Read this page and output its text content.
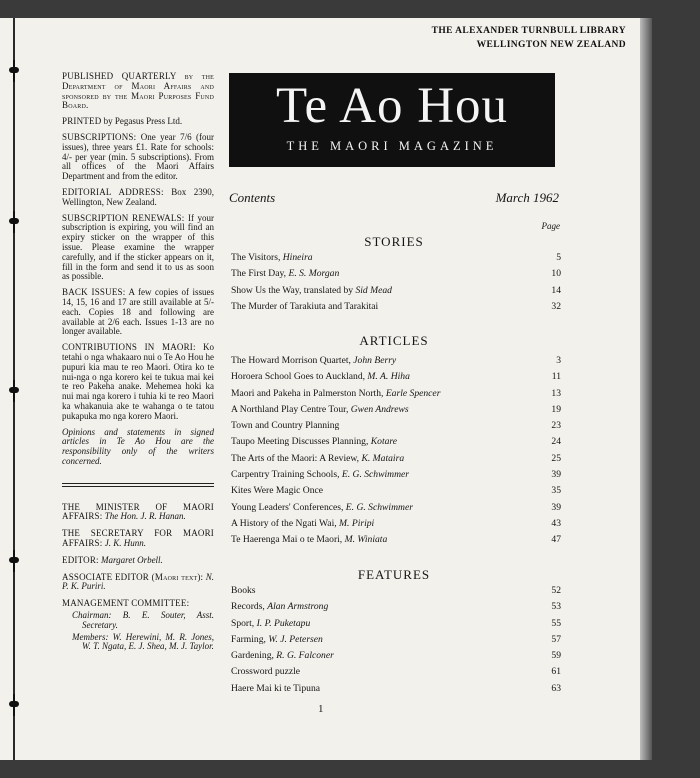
THE ALEXANDER TURNBULL LIBRARY
WELLINGTON NEW ZEALAND

PUBLISHED QUARTERLY by the Department of Maori Affairs and sponsored by the Maori Purposes Fund Board.

PRINTED by Pegasus Press Ltd.

SUBSCRIPTIONS: One year 7/6 (four issues), three years £1. Rate for schools: 4/- per year (min. 5 subscriptions). From all offices of the Maori Affairs Department and from the editor.

EDITORIAL ADDRESS: Box 2390, Wellington, New Zealand.

SUBSCRIPTION RENEWALS: If your subscription is expiring, you will find an expiry sticker on the wrapper of this issue. Please examine the wrapper carefully, and if the sticker appears on it, fill in the form and send it to us as soon as possible.

BACK ISSUES: A few copies of issues 14, 15, 16 and 17 are still available at 5/- each. Copies 18 and following are available at 2/6 each. Issues 1-13 are no longer available.

CONTRIBUTIONS IN MAORI: Ko tetahi o nga whakaaro nui o Te Ao Hou he pupuri kia mau te reo Maori. Otira ko te nui-nga o nga korero kei te tukua mai kei te reo Pakeha anake. Mehemea hoki ka nui mai nga korero i tuhia ki te reo Maori ka whakanuia ake te wahanga o te tatou pukapuka mo nga korero Maori.

Opinions and statements in signed articles in Te Ao Hou are the responsibility only of the writers concerned.

THE MINISTER OF MAORI AFFAIRS: The Hon. J. R. Hanan.

THE SECRETARY FOR MAORI AFFAIRS: J. K. Hunn.

EDITOR: Margaret Orbell.

ASSOCIATE EDITOR (Maori text): N. P. K. Puriri.

MANAGEMENT COMMITTEE:

Chairman: B. E. Souter, Asst. Secretary.

Members: W. Herewini, M. R. Jones, W. T. Ngata, E. J. Shea, M. J. Taylor.

Te Ao Hou
THE MAORI MAGAZINE
Contents	March 1962
Page
STORIES
The Visitors, Hineira	5
The First Day, E. S. Morgan	10
Show Us the Way, translated by Sid Mead	14
The Murder of Tarakiuta and Tarakitai	32
ARTICLES
The Howard Morrison Quartet, John Berry	3
Horoera School Goes to Auckland, M. A. Hiha	11
Maori and Pakeha in Palmerston North, Earle Spencer	13
A Northland Play Centre Tour, Gwen Andrews	19
Town and Country Planning	23
Taupo Meeting Discusses Planning, Kotare	24
The Arts of the Maori: A Review, K. Mataira	25
Carpentry Training Schools, E. G. Schwimmer	39
Kites Were Magic Once	35
Young Leaders' Conferences, E. G. Schwimmer	39
A History of the Ngati Wai, M. Piripi	43
Te Haerenga Mai o te Maori, M. Winiata	47
FEATURES
Books	52
Records, Alan Armstrong	53
Sport, I. P. Puketapu	55
Farming, W. J. Petersen	57
Gardening, R. G. Falconer	59
Crossword puzzle	61
Haere Mai ki te Tipuna	63
1
